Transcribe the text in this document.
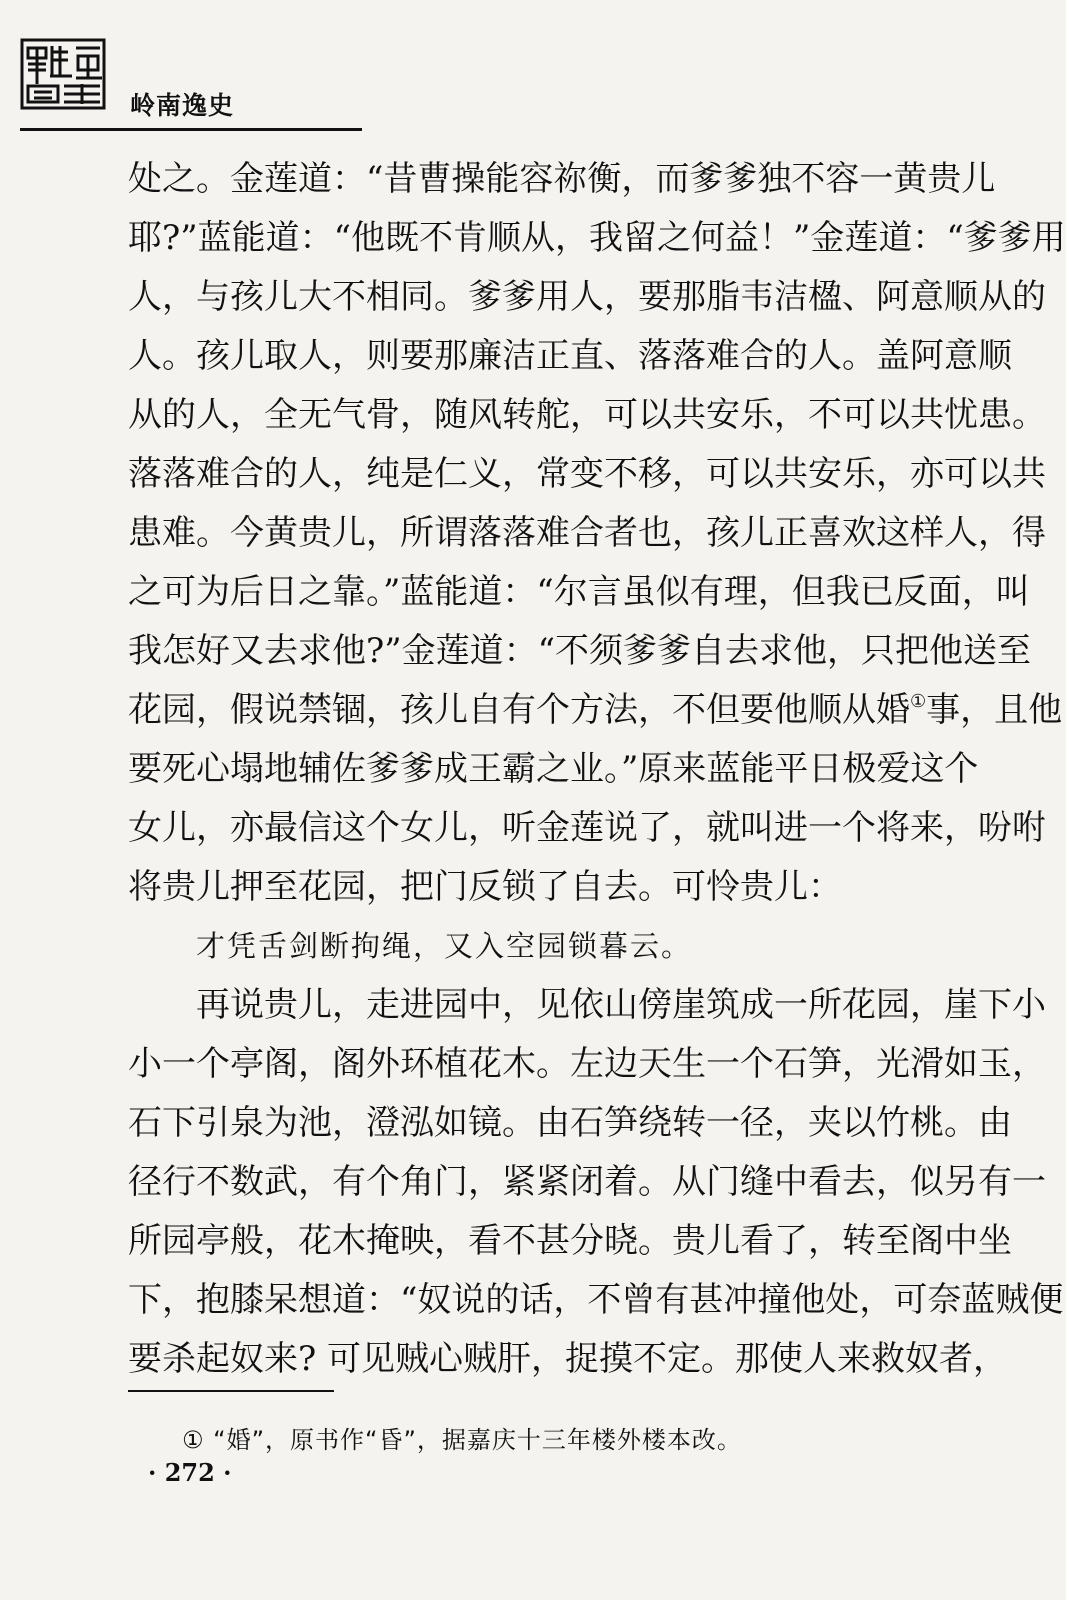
岭南逸史
处之。金莲道：“昔曹操能容祢衡，而爹爹独不容一黄贵儿
耶?”蓝能道：“他既不肯顺从，我留之何益！”金莲道：“爹爹用
人，与孩儿大不相同。爹爹用人，要那脂韦洁楹、阿意顺从的
人。孩儿取人，则要那廉洁正直、落落难合的人。盖阿意顺
从的人，全无气骨，随风转舵，可以共安乐，不可以共忧患。
落落难合的人，纯是仁义，常变不移，可以共安乐，亦可以共
患难。今黄贵儿，所谓落落难合者也，孩儿正喜欢这样人，得
之可为后日之靠。”蓝能道：“尔言虽似有理，但我已反面，叫
我怎好又去求他?”金莲道：“不须爹爹自去求他，只把他送至
花园，假说禁锢，孩儿自有个方法，不但要他顺从婚①事，且他
要死心塌地辅佐爹爹成王霸之业。”原来蓝能平日极爱这个
女儿，亦最信这个女儿，听金莲说了，就叫进一个将来，吩咐
将贵儿押至花园，把门反锁了自去。可怜贵儿：
才凭舌剑断拘绳，又入空园锁暮云。
再说贵儿，走进园中，见依山傍崖筑成一所花园，崖下小
小一个亭阁，阁外环植花木。左边天生一个石笋，光滑如玉，
石下引泉为池，澄泓如镜。由石笋绕转一径，夹以竹桃。由
径行不数武，有个角门，紧紧闭着。从门缝中看去，似另有一
所园亭般，花木掩映，看不甚分晓。贵儿看了，转至阁中坐
下，抱膝呆想道：“奴说的话，不曾有甚冲撞他处，可奈蓝贼便
要杀起奴来? 可见贼心贼肝，捉摸不定。那使人来救奴者，
① “婚”，原书作“昏”，据嘉庆十三年楼外楼本改。
· 272 ·
